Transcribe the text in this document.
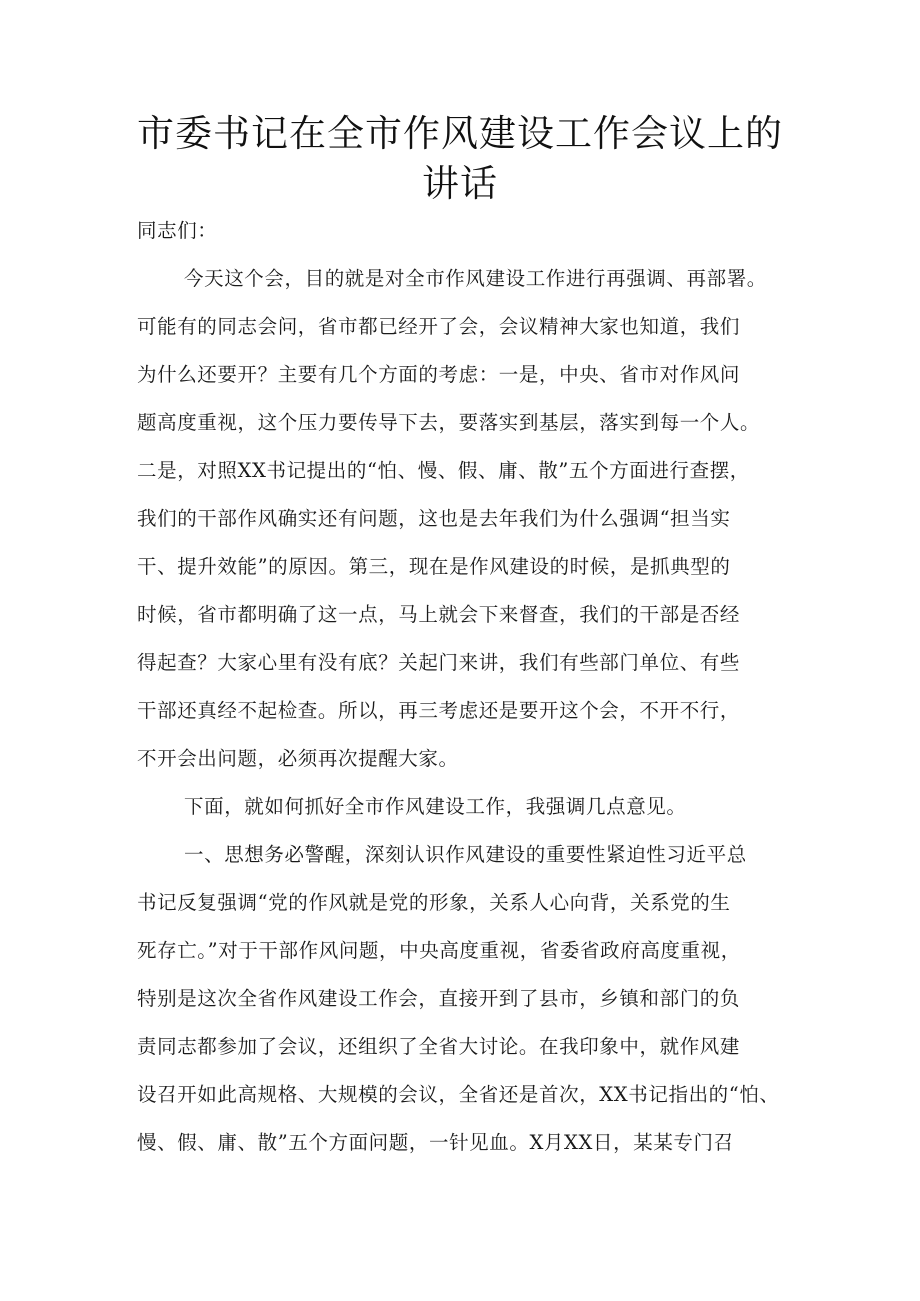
市委书记在全市作风建设工作会议上的
讲话

同志们：

今天这个会，目的就是对全市作风建设工作进行再强调、再部署。

可能有的同志会问，省市都已经开了会，会议精神大家也知道，我们

为什么还要开？主要有几个方面的考虑：一是，中央、省市对作风问

题高度重视，这个压力要传导下去，要落实到基层，落实到每一个人。

二是，对照XX书记提出的“怕、慢、假、庸、散”五个方面进行查摆，

我们的干部作风确实还有问题，这也是去年我们为什么强调“担当实

干、提升效能”的原因。第三，现在是作风建设的时候，是抓典型的

时候，省市都明确了这一点，马上就会下来督查，我们的干部是否经

得起查？大家心里有没有底？关起门来讲，我们有些部门单位、有些

干部还真经不起检查。所以，再三考虑还是要开这个会，不开不行，

不开会出问题，必须再次提醒大家。

下面，就如何抓好全市作风建设工作，我强调几点意见。

一、思想务必警醒，深刻认识作风建设的重要性紧迫性习近平总

书记反复强调“党的作风就是党的形象，关系人心向背，关系党的生

死存亡。”对于干部作风问题，中央高度重视，省委省政府高度重视，

特别是这次全省作风建设工作会，直接开到了县市，乡镇和部门的负

责同志都参加了会议，还组织了全省大讨论。在我印象中，就作风建

设召开如此高规格、大规模的会议，全省还是首次，XX书记指出的“怕、

慢、假、庸、散”五个方面问题，一针见血。X月XX日，某某专门召
